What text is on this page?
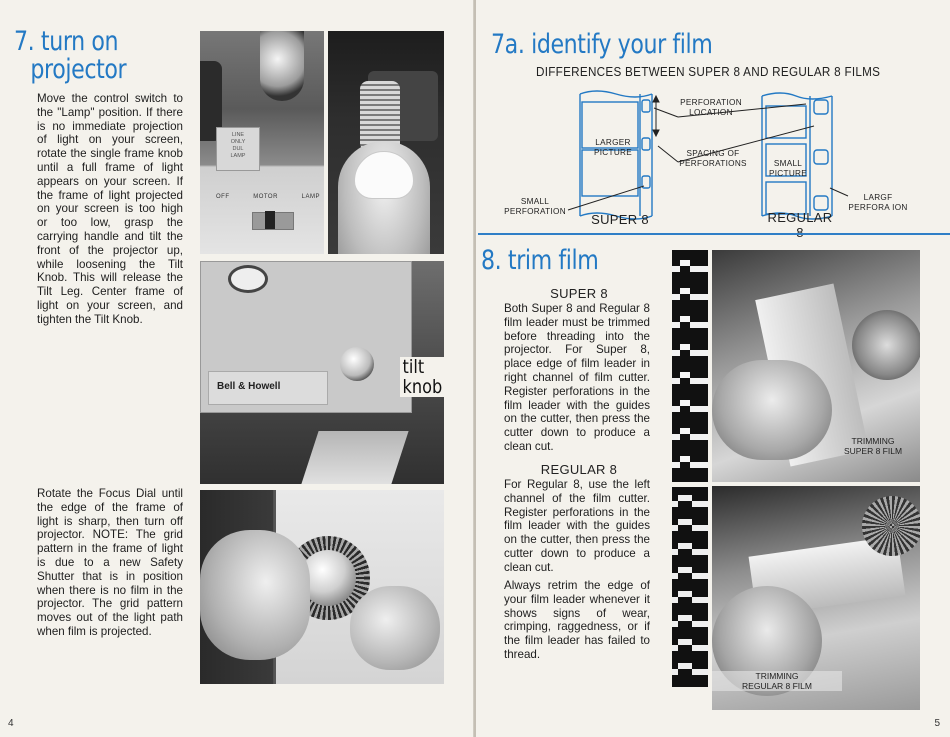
7. turn on
projector
Move the control switch to the "Lamp" position. If there is no immediate projection of light on your screen, rotate the single frame knob until a full frame of light appears on your screen. If the frame of light projected on your screen is too high or too low, grasp the carrying handle and tilt the front of the projector up, while loosening the Tilt Knob. This will release the Tilt Leg. Center frame of light on your screen, and tighten the Tilt Knob.
Rotate the Focus Dial until the edge of the frame of light is sharp, then turn off projector. NOTE: The grid pattern in the frame of light is due to a new Safety Shutter that is in position when there is no film in the projector. The grid pattern moves out of the light path when film is projected.
LINE
ONLY
DUL
LAMP
OFF	MOTOR	LAMP
Bell & Howell
tilt
knob
4
7a. identify your film
DIFFERENCES BETWEEN SUPER 8 AND REGULAR 8 FILMS
LARGER
PICTURE
PERFORATION
LOCATION
SPACING OF
PERFORATIONS	SMALL
PICTURE
SMALL
PERFORATION
LARGF
PERFORA ION
SUPER 8	REGULAR
8. trim film
SUPER 8
Both Super 8 and Regular 8 film leader must be trimmed before threading into the projector. For Super 8, place edge of film leader in right channel of film cutter. Register perforations in the film leader with the guides on the cutter, then press the cutter down to produce a clean cut.
REGULAR 8
For Regular 8, use the left channel of the film cutter. Register perforations in the film leader with the guides on the cutter, then press the cutter down to produce a clean cut.
Always retrim the edge of your film leader whenever it shows signs of wear, crimping, raggedness, or if the film leader has failed to thread.
TRIMMING
SUPER 8 FILM
TRIMMING
REGULAR 8 FILM
5
